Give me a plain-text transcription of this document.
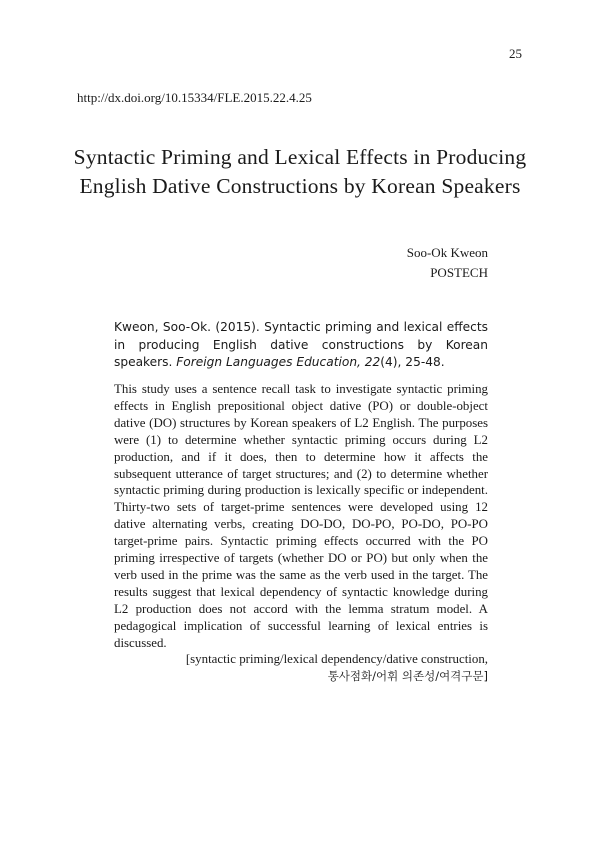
25
http://dx.doi.org/10.15334/FLE.2015.22.4.25
Syntactic Priming and Lexical Effects in Producing
English Dative Constructions by Korean Speakers
Soo-Ok Kweon
POSTECH
Kweon, Soo-Ok. (2015). Syntactic priming and lexical effects in producing English dative constructions by Korean speakers. Foreign Languages Education, 22(4), 25-48.
This study uses a sentence recall task to investigate syntactic priming effects in English prepositional object dative (PO) or double-object dative (DO) structures by Korean speakers of L2 English. The purposes were (1) to determine whether syntactic priming occurs during L2 production, and if it does, then to determine how it affects the subsequent utterance of target structures; and (2) to determine whether syntactic priming during production is lexically specific or independent. Thirty-two sets of target-prime sentences were developed using 12 dative alternating verbs, creating DO-DO, DO-PO, PO-DO, PO-PO target-prime pairs. Syntactic priming effects occurred with the PO priming irrespective of targets (whether DO or PO) but only when the verb used in the prime was the same as the verb used in the target. The results suggest that lexical dependency of syntactic knowledge during L2 production does not accord with the lemma stratum model. A pedagogical implication of successful learning of lexical entries is discussed.
[syntactic priming/lexical dependency/dative construction,
통사점화/어휘 의존성/여격구문]
